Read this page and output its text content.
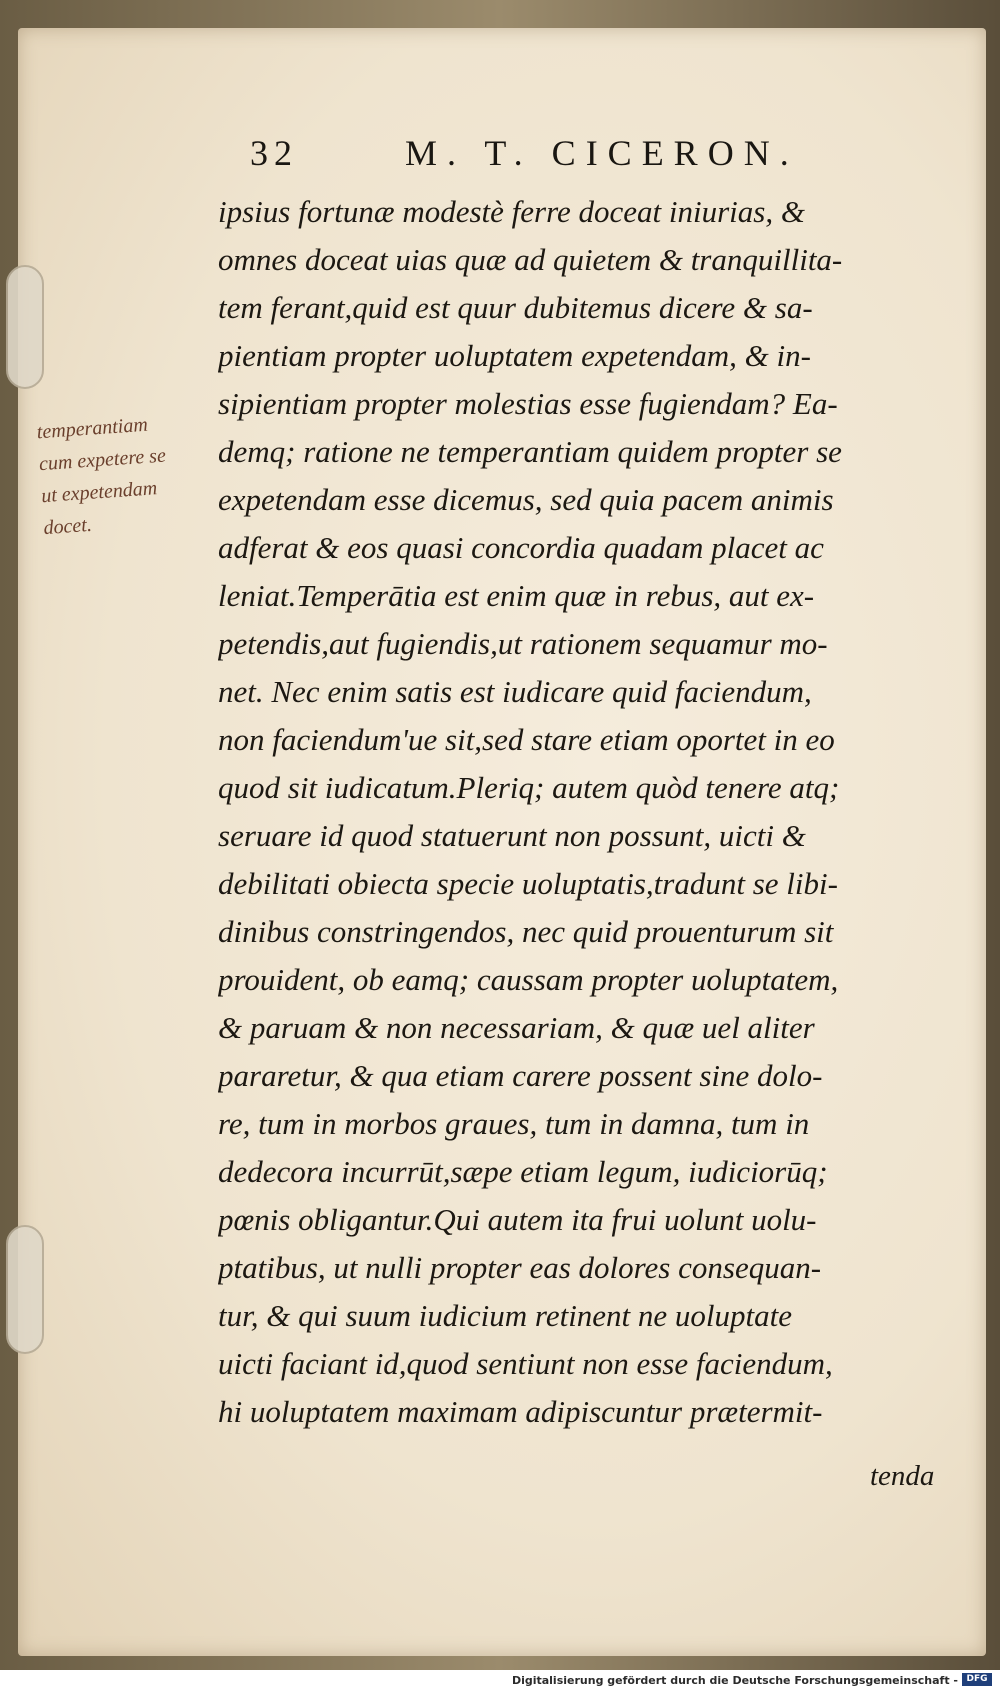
32	M. T. CICERON.
temperantiam
cum expetere se
ut expetendam
docet.
ipsius fortunæ modestè ferre doceat iniurias, &
omnes doceat uias quæ ad quietem & tranquillita-
tem ferant,quid est quur dubitemus dicere & sa-
pientiam propter uoluptatem expetendam, & in-
sipientiam propter molestias esse fugiendam? Ea-
demq; ratione ne temperantiam quidem propter se
expetendam esse dicemus, sed quia pacem animis
adferat & eos quasi concordia quadam placet ac
leniat.Temperātia est enim quæ in rebus, aut ex-
petendis,aut fugiendis,ut rationem sequamur mo-
net. Nec enim satis est iudicare quid faciendum,
non faciendum'ue sit,sed stare etiam oportet in eo
quod sit iudicatum.Pleriq; autem quòd tenere atq;
seruare id quod statuerunt non possunt, uicti &
debilitati obiecta specie uoluptatis,tradunt se libi-
dinibus constringendos, nec quid prouenturum sit
prouident, ob eamq; caussam propter uoluptatem,
& paruam & non necessariam, & quæ uel aliter
pararetur, & qua etiam carere possent sine dolo-
re, tum in morbos graues, tum in damna, tum in
dedecora incurrūt,sæpe etiam legum, iudiciorūq;
pœnis obligantur.Qui autem ita frui uolunt uolu-
ptatibus, ut nulli propter eas dolores consequan-
tur, & qui suum iudicium retinent ne uoluptate
uicti faciant id,quod sentiunt non esse faciendum,
hi uoluptatem maximam adipiscuntur prætermit-
tenda
Digitalisierung gefördert durch die Deutsche Forschungsgemeinschaft - DFG
